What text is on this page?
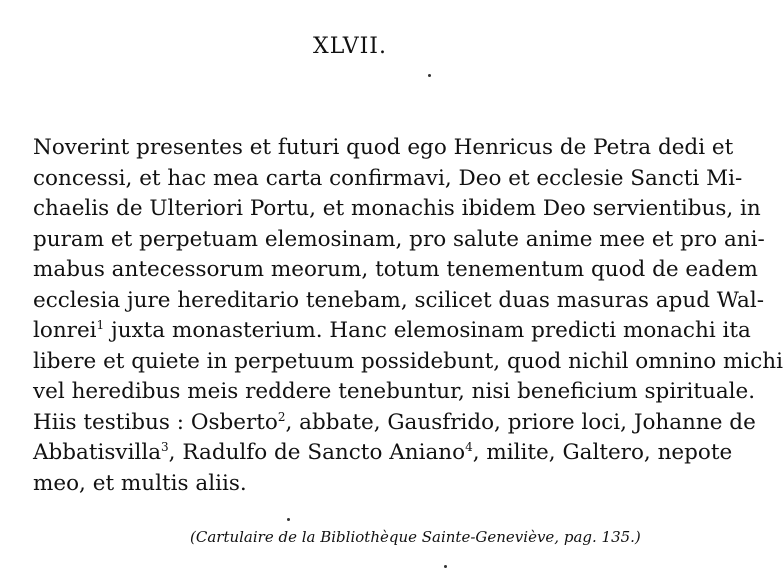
XLVII.
Noverint presentes et futuri quod ego Henricus de Petra dedi et
concessi, et hac mea carta confirmavi, Deo et ecclesie Sancti Mi-
chaelis de Ulteriori Portu, et monachis ibidem Deo servientibus, in
puram et perpetuam elemosinam, pro salute anime mee et pro ani-
mabus antecessorum meorum, totum tenementum quod de eadem
ecclesia jure hereditario tenebam, scilicet duas masuras apud Wal-
lonrei$^1$ juxta monasterium. Hanc elemosinam predicti monachi ita
libere et quiete in perpetuum possidebunt, quod nichil omnino michi
vel heredibus meis reddere tenebuntur, nisi beneficium spirituale.
Hiis testibus : Osberto$^2$, abbate, Gausfrido, priore loci, Johanne de
Abbatisvilla$^3$, Radulfo de Sancto Aniano$^4$, milite, Galtero, nepote
meo, et multis aliis.
(Cartulaire de la Bibliothèque Sainte-Geneviève, pag. 135.)
